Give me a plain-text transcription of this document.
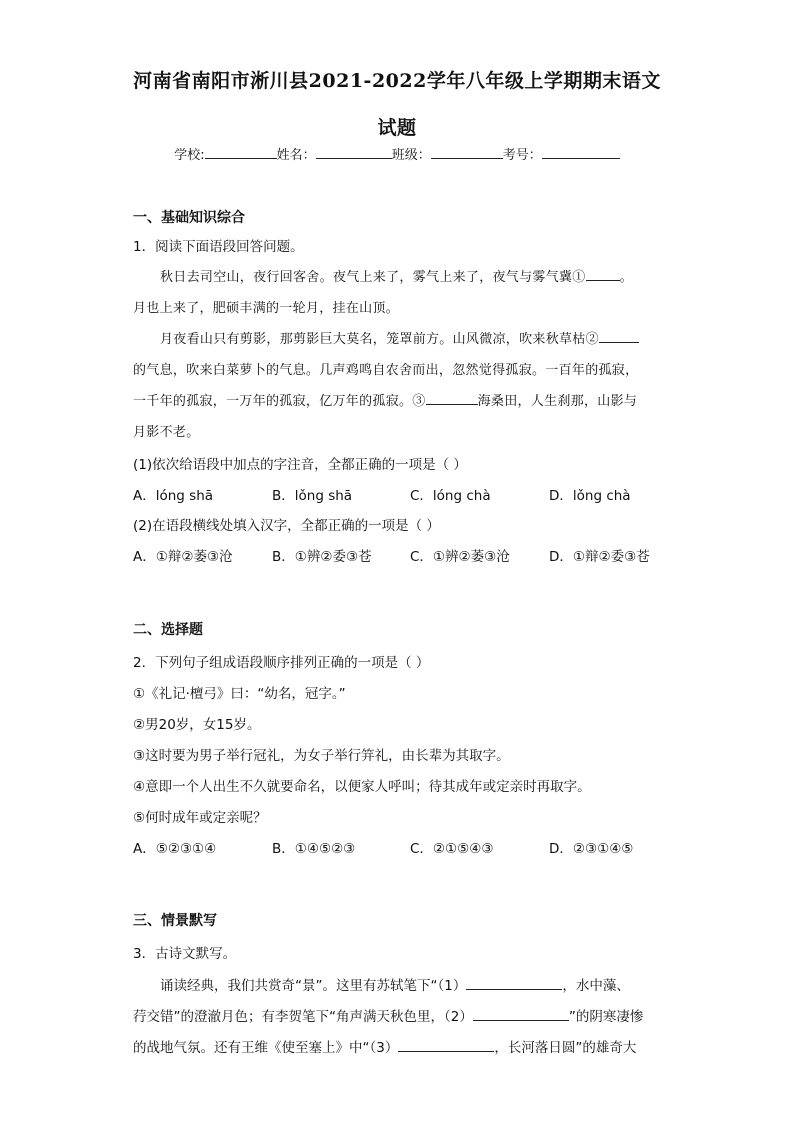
河南省南阳市淅川县2021-2022学年八年级上学期期末语文
试题
学校:	姓名：	班级：	考号：
一、基础知识综合
1．阅读下面语段回答问题。
秋日去司空山，夜行回客舍。夜气上来了，雾气上来了，夜气与雾气冀①	。
月也上来了，肥硕丰满的一轮月，挂在山顶。
月夜看山只有剪影，那剪影巨大莫名，笼罩前方。山风微凉，吹来秋草枯②
的气息，吹来白菜萝卜的气息。几声鸡鸣自农舍而出，忽然觉得孤寂。一百年的孤寂，
一千年的孤寂，一万年的孤寂，亿万年的孤寂。③	海桑田，人生刹那，山影与
月影不老。
(1)依次给语段中加点的字注音，全都正确的一项是（ ）
A．lóng shā	B．lǒng shā	C．lóng chà	D．lǒng chà
(2)在语段横线处填入汉字，全都正确的一项是（ ）
A．①辩②萎③沧	B．①辨②委③苍	C．①辨②萎③沧	D．①辩②委③苍
二、选择题
2．下列句子组成语段顺序排列正确的一项是（ ）
①《礼记·檀弓》曰：“幼名，冠字。”
②男20岁，女15岁。
③这时要为男子举行冠礼，为女子举行笄礼，由长辈为其取字。
④意即一个人出生不久就要命名，以便家人呼叫；待其成年或定亲时再取字。
⑤何时成年或定亲呢？
A．⑤②③①④	B．①④⑤②③	C．②①⑤④③	D．②③①④⑤
三、情景默写
3．古诗文默写。
诵读经典，我们共赏奇“景”。这里有苏轼笔下“（1）	，水中藻、
荇交错”的澄澈月色；有李贺笔下“角声满天秋色里，（2）	”的阴寒凄惨
的战地气氛。还有王维《使至塞上》中“（3）	，长河落日圆”的雄奇大
